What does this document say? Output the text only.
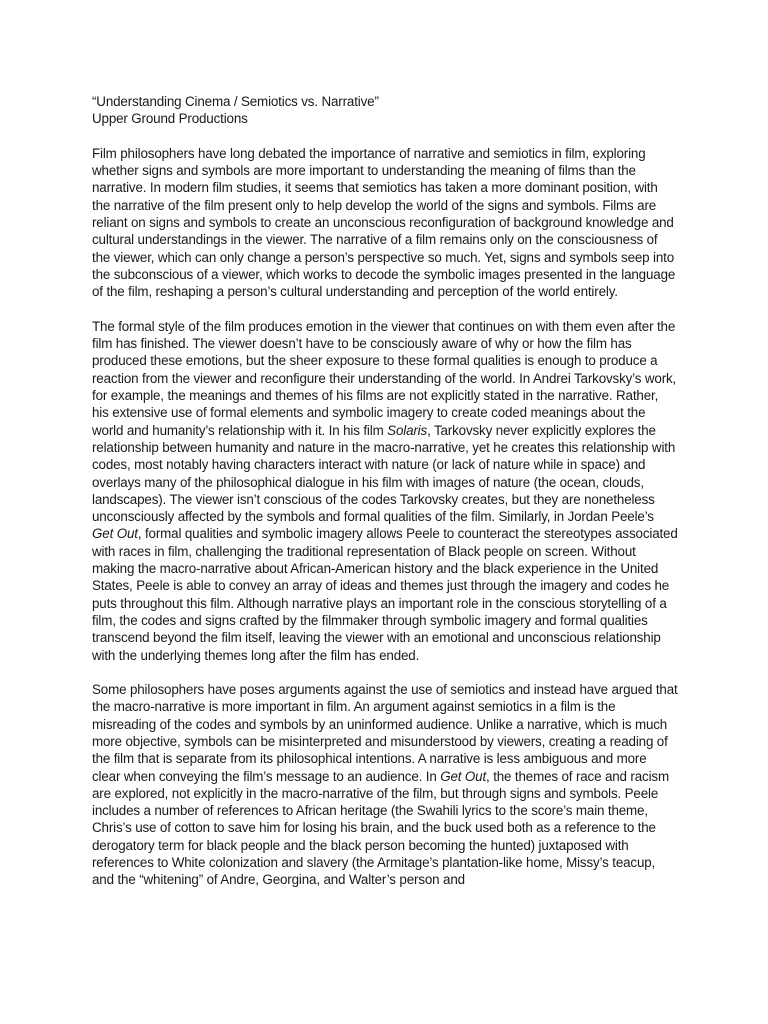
“Understanding Cinema / Semiotics vs. Narrative”
Upper Ground Productions

Film philosophers have long debated the importance of narrative and semiotics in film, exploring whether signs and symbols are more important to understanding the meaning of films than the narrative. In modern film studies, it seems that semiotics has taken a more dominant position, with the narrative of the film present only to help develop the world of the signs and symbols. Films are reliant on signs and symbols to create an unconscious reconfiguration of background knowledge and cultural understandings in the viewer. The narrative of a film remains only on the consciousness of the viewer, which can only change a person’s perspective so much. Yet, signs and symbols seep into the subconscious of a viewer, which works to decode the symbolic images presented in the language of the film, reshaping a person’s cultural understanding and perception of the world entirely.

The formal style of the film produces emotion in the viewer that continues on with them even after the film has finished. The viewer doesn’t have to be consciously aware of why or how the film has produced these emotions, but the sheer exposure to these formal qualities is enough to produce a reaction from the viewer and reconfigure their understanding of the world. In Andrei Tarkovsky’s work, for example, the meanings and themes of his films are not explicitly stated in the narrative. Rather, his extensive use of formal elements and symbolic imagery to create coded meanings about the world and humanity’s relationship with it. In his film Solaris, Tarkovsky never explicitly explores the relationship between humanity and nature in the macro-narrative, yet he creates this relationship with codes, most notably having characters interact with nature (or lack of nature while in space) and overlays many of the philosophical dialogue in his film with images of nature (the ocean, clouds, landscapes). The viewer isn’t conscious of the codes Tarkovsky creates, but they are nonetheless unconsciously affected by the symbols and formal qualities of the film. Similarly, in Jordan Peele’s Get Out, formal qualities and symbolic imagery allows Peele to counteract the stereotypes associated with races in film, challenging the traditional representation of Black people on screen. Without making the macro-narrative about African-American history and the black experience in the United States, Peele is able to convey an array of ideas and themes just through the imagery and codes he puts throughout this film. Although narrative plays an important role in the conscious storytelling of a film, the codes and signs crafted by the filmmaker through symbolic imagery and formal qualities transcend beyond the film itself, leaving the viewer with an emotional and unconscious relationship with the underlying themes long after the film has ended.

Some philosophers have poses arguments against the use of semiotics and instead have argued that the macro-narrative is more important in film. An argument against semiotics in a film is the misreading of the codes and symbols by an uninformed audience. Unlike a narrative, which is much more objective, symbols can be misinterpreted and misunderstood by viewers, creating a reading of the film that is separate from its philosophical intentions. A narrative is less ambiguous and more clear when conveying the film’s message to an audience. In Get Out, the themes of race and racism are explored, not explicitly in the macro-narrative of the film, but through signs and symbols. Peele includes a number of references to African heritage (the Swahili lyrics to the score’s main theme, Chris’s use of cotton to save him for losing his brain, and the buck used both as a reference to the derogatory term for black people and the black person becoming the hunted) juxtaposed with references to White colonization and slavery (the Armitage’s plantation-like home, Missy’s teacup, and the “whitening” of Andre, Georgina, and Walter’s person and
